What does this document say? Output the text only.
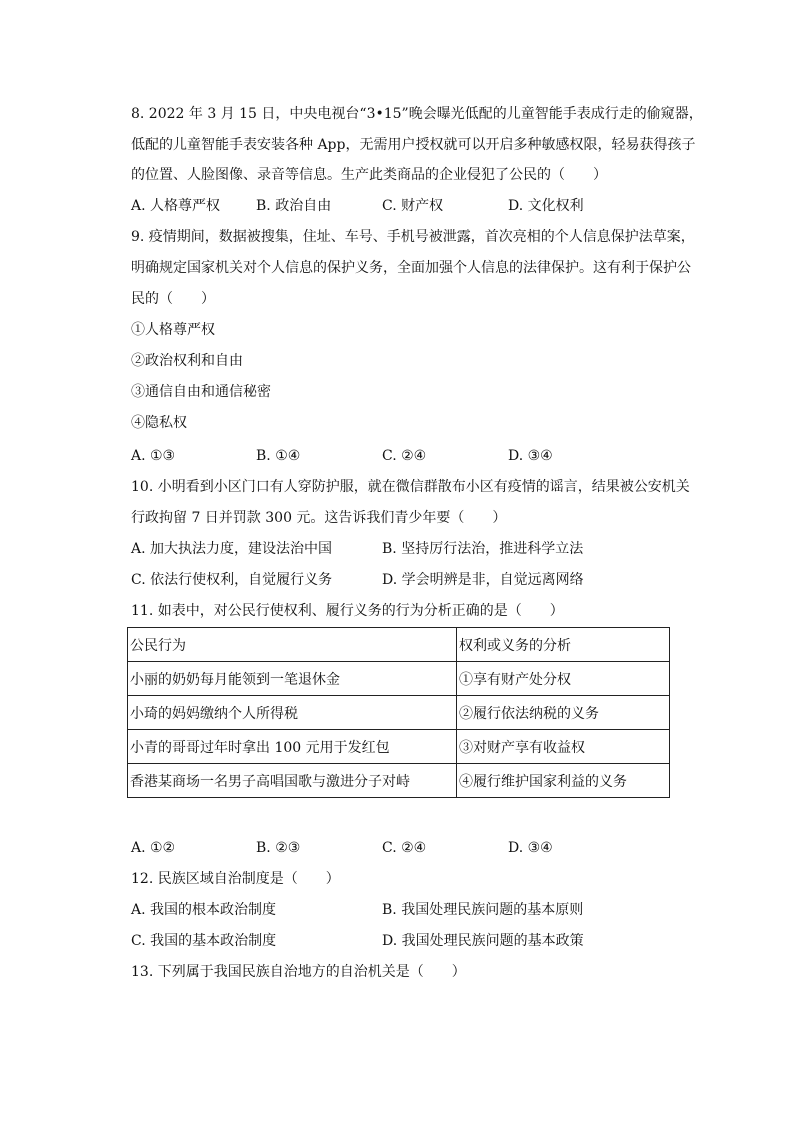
8. 2022 年 3 月 15 日，中央电视台“3•15”晚会曝光低配的儿童智能手表成行走的偷窥器，
低配的儿童智能手表安装各种 App，无需用户授权就可以开启多种敏感权限，轻易获得孩子
的位置、人脸图像、录音等信息。生产此类商品的企业侵犯了公民的（　　）
A. 人格尊严权	B. 政治自由	C. 财产权	D. 文化权利
9. 疫情期间，数据被搜集，住址、车号、手机号被泄露，首次亮相的个人信息保护法草案，
明确规定国家机关对个人信息的保护义务，全面加强个人信息的法律保护。这有利于保护公
民的（　　）
①人格尊严权
②政治权利和自由
③通信自由和通信秘密
④隐私权
A. ①③	B. ①④	C. ②④	D. ③④
10. 小明看到小区门口有人穿防护服，就在微信群散布小区有疫情的谣言，结果被公安机关
行政拘留 7 日并罚款 300 元。这告诉我们青少年要（　　）
A. 加大执法力度，建设法治中国	B. 坚持厉行法治，推进科学立法
C. 依法行使权利，自觉履行义务	D. 学会明辨是非，自觉远离网络
11. 如表中，对公民行使权利、履行义务的行为分析正确的是（　　）
公民行为	权利或义务的分析
小丽的奶奶每月能领到一笔退休金	①享有财产处分权
小琦的妈妈缴纳个人所得税	②履行依法纳税的义务
小青的哥哥过年时拿出 100 元用于发红包	③对财产享有收益权
香港某商场一名男子高唱国歌与激进分子对峙	④履行维护国家利益的义务
A. ①②	B. ②③	C. ②④	D. ③④
12. 民族区域自治制度是（　　）
A. 我国的根本政治制度	B. 我国处理民族问题的基本原则
C. 我国的基本政治制度	D. 我国处理民族问题的基本政策
13. 下列属于我国民族自治地方的自治机关是（　　）
